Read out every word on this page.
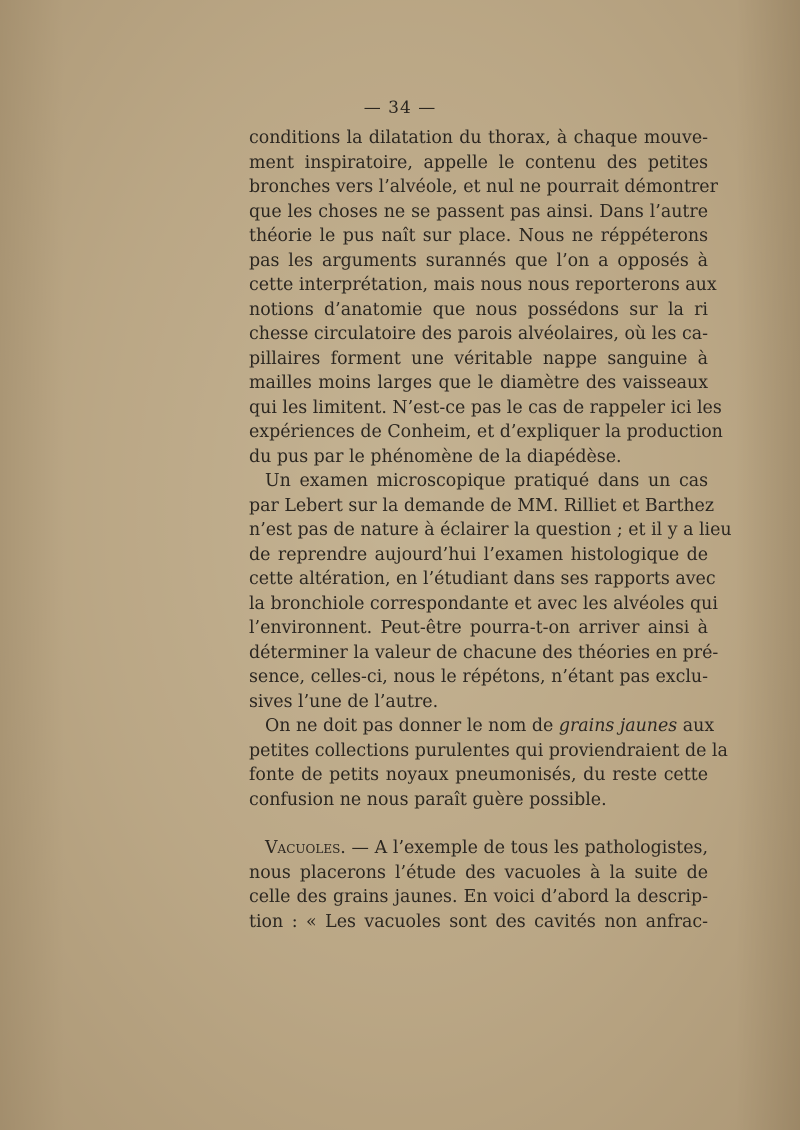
— 34 —
conditions la dilatation du thorax, à chaque mouve-
ment inspiratoire, appelle le contenu des petites
bronches vers l’alvéole, et nul ne pourrait démontrer
que les choses ne se passent pas ainsi. Dans l’autre
théorie le pus naît sur place. Nous ne réppéterons
pas les arguments surannés que l’on a opposés à
cette interprétation, mais nous nous reporterons aux
notions d’anatomie que nous possédons sur la ri
chesse circulatoire des parois alvéolaires, où les ca-
pillaires forment une véritable nappe sanguine à
mailles moins larges que le diamètre des vaisseaux
qui les limitent. N’est-ce pas le cas de rappeler ici les
expériences de Conheim, et d’expliquer la production
du pus par le phénomène de la diapédèse.
Un examen microscopique pratiqué dans un cas
par Lebert sur la demande de MM. Rilliet et Barthez
n’est pas de nature à éclairer la question ; et il y a lieu
de reprendre aujourd’hui l’examen histologique de
cette altération, en l’étudiant dans ses rapports avec
la bronchiole correspondante et avec les alvéoles qui
l’environnent. Peut-être pourra-t-on arriver ainsi à
déterminer la valeur de chacune des théories en pré-
sence, celles-ci, nous le répétons, n’étant pas exclu-
sives l’une de l’autre.
On ne doit pas donner le nom de grains jaunes aux
petites collections purulentes qui proviendraient de la
fonte de petits noyaux pneumonisés, du reste cette
confusion ne nous paraît guère possible.
Vacuoles. — A l’exemple de tous les pathologistes,
nous placerons l’étude des vacuoles à la suite de
celle des grains jaunes. En voici d’abord la descrip-
tion : « Les vacuoles sont des cavités non anfrac-
